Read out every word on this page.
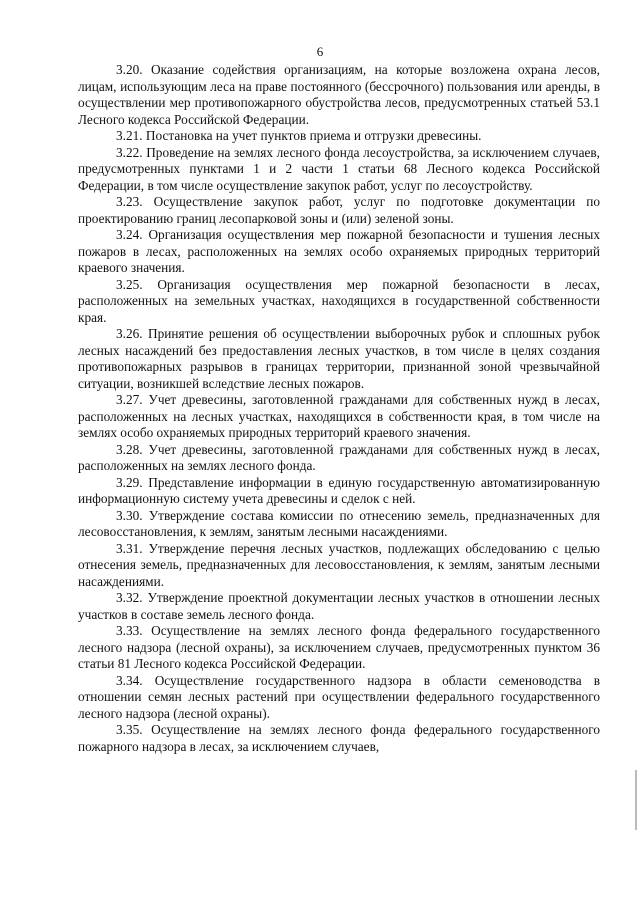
6

3.20. Оказание содействия организациям, на которые возложена охрана лесов, лицам, использующим леса на праве постоянного (бессрочного) пользования или аренды, в осуществлении мер противопожарного обустройства лесов, предусмотренных статьей 53.1 Лесного кодекса Российской Федерации.

3.21. Постановка на учет пунктов приема и отгрузки древесины.

3.22. Проведение на землях лесного фонда лесоустройства, за исключением случаев, предусмотренных пунктами 1 и 2 части 1 статьи 68 Лесного кодекса Российской Федерации, в том числе осуществление закупок работ, услуг по лесоустройству.

3.23. Осуществление закупок работ, услуг по подготовке документации по проектированию границ лесопарковой зоны и (или) зеленой зоны.

3.24. Организация осуществления мер пожарной безопасности и тушения лесных пожаров в лесах, расположенных на землях особо охраняемых природных территорий краевого значения.

3.25. Организация осуществления мер пожарной безопасности в лесах, расположенных на земельных участках, находящихся в государственной собственности края.

3.26. Принятие решения об осуществлении выборочных рубок и сплошных рубок лесных насаждений без предоставления лесных участков, в том числе в целях создания противопожарных разрывов в границах территории, признанной зоной чрезвычайной ситуации, возникшей вследствие лесных пожаров.

3.27. Учет древесины, заготовленной гражданами для собственных нужд в лесах, расположенных на лесных участках, находящихся в собственности края, в том числе на землях особо охраняемых природных территорий краевого значения.

3.28. Учет древесины, заготовленной гражданами для собственных нужд в лесах, расположенных на землях лесного фонда.

3.29. Представление информации в единую государственную автоматизированную информационную систему учета древесины и сделок с ней.

3.30. Утверждение состава комиссии по отнесению земель, предназначенных для лесовосстановления, к землям, занятым лесными насаждениями.

3.31. Утверждение перечня лесных участков, подлежащих обследованию с целью отнесения земель, предназначенных для лесовосстановления, к землям, занятым лесными насаждениями.

3.32. Утверждение проектной документации лесных участков в отношении лесных участков в составе земель лесного фонда.

3.33. Осуществление на землях лесного фонда федерального государственного лесного надзора (лесной охраны), за исключением случаев, предусмотренных пунктом 36 статьи 81 Лесного кодекса Российской Федерации.

3.34. Осуществление государственного надзора в области семеноводства в отношении семян лесных растений при осуществлении федерального государственного лесного надзора (лесной охраны).

3.35. Осуществление на землях лесного фонда федерального государственного пожарного надзора в лесах, за исключением случаев,
